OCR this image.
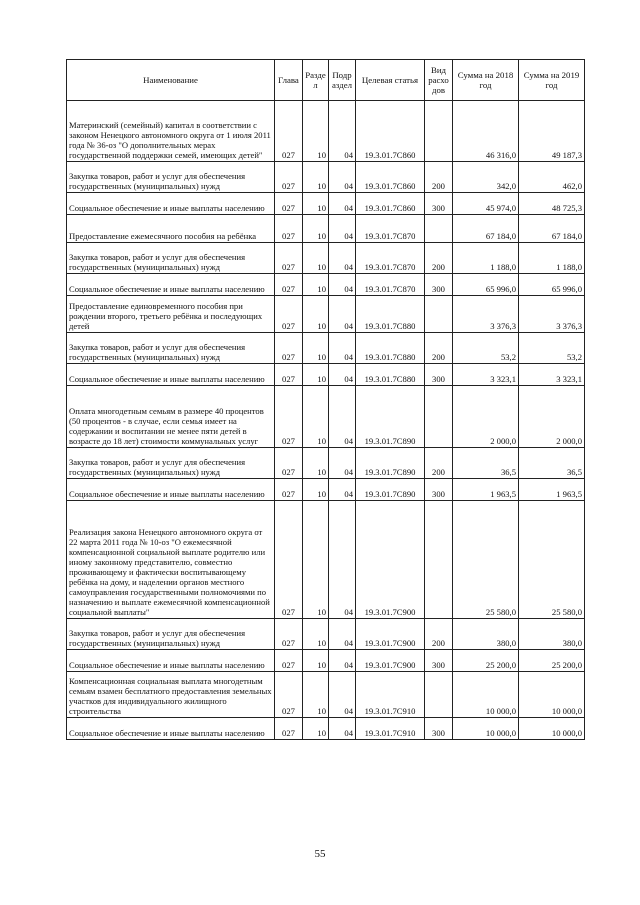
Наименование	Глава	Разде л	Подр аздел	Целевая статья	Вид расхо дов	Сумма на 2018 год	Сумма на 2019 год
Материнский (семейный) капитал в соответствии с законом Ненецкого автономного округа от 1 июля 2011 года № 36-оз "О дополнительных мерах государственной поддержки семей, имеющих детей"	027	10	04	19.3.01.7С860		46 316,0	49 187,3
Закупка товаров, работ и услуг для обеспечения государственных (муниципальных) нужд	027	10	04	19.3.01.7С860	200	342,0	462,0
Социальное обеспечение и иные выплаты населению	027	10	04	19.3.01.7С860	300	45 974,0	48 725,3
Предоставление ежемесячного пособия на ребёнка	027	10	04	19.3.01.7С870		67 184,0	67 184,0
Закупка товаров, работ и услуг для обеспечения государственных (муниципальных) нужд	027	10	04	19.3.01.7С870	200	1 188,0	1 188,0
Социальное обеспечение и иные выплаты населению	027	10	04	19.3.01.7С870	300	65 996,0	65 996,0
Предоставление единовременного пособия при рождении второго, третьего ребёнка и последующих детей	027	10	04	19.3.01.7С880		3 376,3	3 376,3
Закупка товаров, работ и услуг для обеспечения государственных (муниципальных) нужд	027	10	04	19.3.01.7С880	200	53,2	53,2
Социальное обеспечение и иные выплаты населению	027	10	04	19.3.01.7С880	300	3 323,1	3 323,1
Оплата многодетным семьям в размере 40 процентов (50 процентов - в случае, если семья имеет на содержании и воспитании не менее пяти детей в возрасте до 18 лет) стоимости коммунальных услуг	027	10	04	19.3.01.7С890		2 000,0	2 000,0
Закупка товаров, работ и услуг для обеспечения государственных (муниципальных) нужд	027	10	04	19.3.01.7С890	200	36,5	36,5
Социальное обеспечение и иные выплаты населению	027	10	04	19.3.01.7С890	300	1 963,5	1 963,5
Реализация закона Ненецкого автономного округа от 22 марта 2011 года № 10-оз "О ежемесячной компенсационной социальной выплате родителю или иному законному представителю, совместно проживающему и фактически воспитывающему ребёнка на дому, и наделении органов местного самоуправления государственными полномочиями по назначению и выплате ежемесячной компенсационной социальной выплаты"	027	10	04	19.3.01.7С900		25 580,0	25 580,0
Закупка товаров, работ и услуг для обеспечения государственных (муниципальных) нужд	027	10	04	19.3.01.7С900	200	380,0	380,0
Социальное обеспечение и иные выплаты населению	027	10	04	19.3.01.7С900	300	25 200,0	25 200,0
Компенсационная социальная выплата многодетным семьям взамен бесплатного предоставления земельных участков для индивидуального жилищного строительства	027	10	04	19.3.01.7С910		10 000,0	10 000,0
Социальное обеспечение и иные выплаты населению	027	10	04	19.3.01.7С910	300	10 000,0	10 000,0
55
